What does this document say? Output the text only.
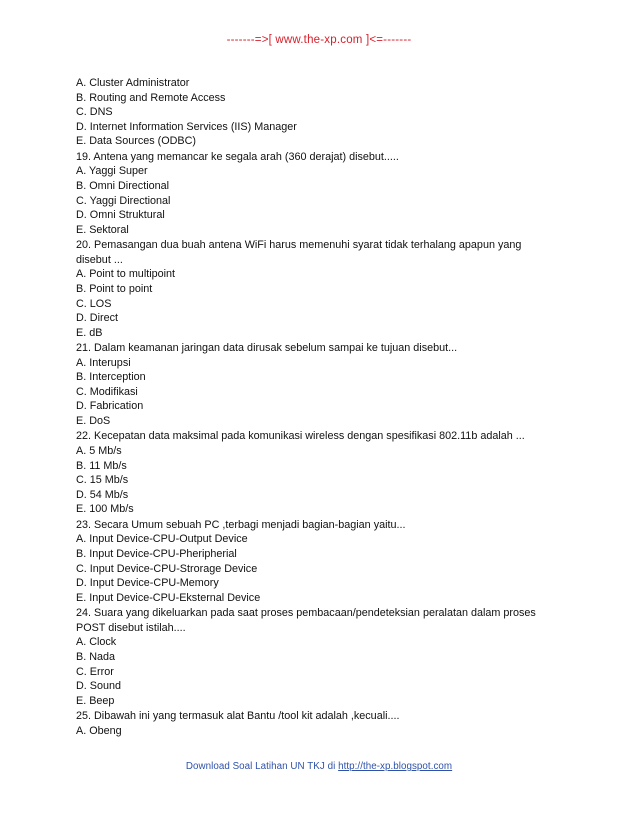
-------=>[ www.the-xp.com ]<=-------
A. Cluster Administrator
B. Routing and Remote Access
C. DNS
D. Internet Information Services (IIS) Manager
E. Data Sources (ODBC)
19. Antena yang memancar ke segala arah (360 derajat) disebut.....
A. Yaggi Super
B. Omni Directional
C. Yaggi Directional
D. Omni Struktural
E. Sektoral
20. Pemasangan dua buah antena WiFi harus memenuhi syarat tidak terhalang apapun yang disebut ...
A. Point to multipoint
B. Point to point
C. LOS
D. Direct
E. dB
21. Dalam keamanan jaringan data dirusak sebelum sampai ke tujuan disebut...
A. Interupsi
B. Interception
C. Modifikasi
D. Fabrication
E. DoS
22. Kecepatan data maksimal pada komunikasi wireless dengan spesifikasi 802.11b adalah ...
A. 5 Mb/s
B. 11 Mb/s
C. 15 Mb/s
D. 54 Mb/s
E. 100 Mb/s
23. Secara Umum sebuah PC ,terbagi menjadi bagian-bagian yaitu...
A. Input Device-CPU-Output Device
B. Input Device-CPU-Pheripherial
C. Input Device-CPU-Strorage Device
D. Input Device-CPU-Memory
E. Input Device-CPU-Eksternal Device
24. Suara yang dikeluarkan pada saat proses pembacaan/pendeteksian peralatan dalam proses POST disebut istilah....
A. Clock
B. Nada
C. Error
D. Sound
E. Beep
25. Dibawah ini yang termasuk alat Bantu /tool kit adalah ,kecuali....
A. Obeng
Download Soal Latihan UN TKJ di http://the-xp.blogspot.com
